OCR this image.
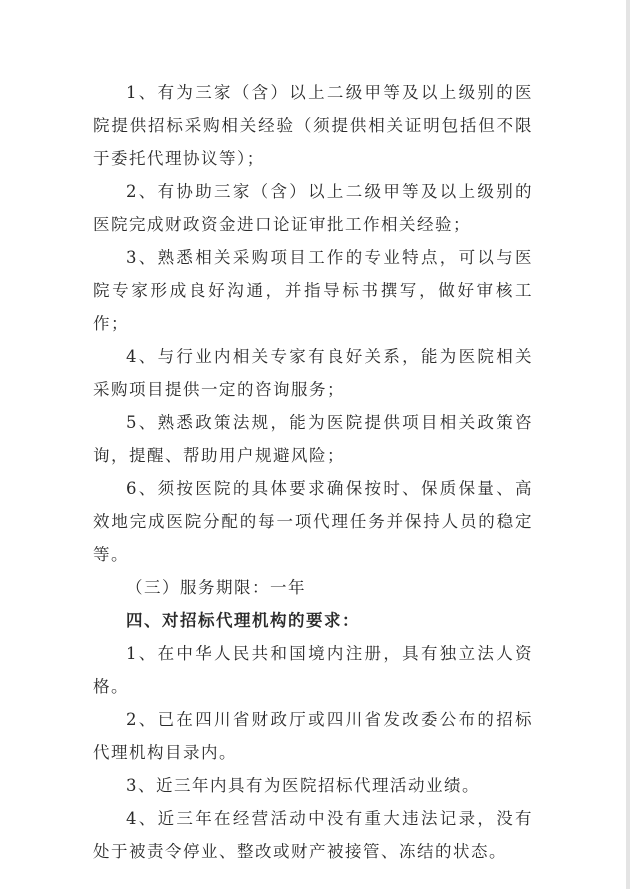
1、有为三家（含）以上二级甲等及以上级别的医院提供招标采购相关经验（须提供相关证明包括但不限于委托代理协议等）；

2、有协助三家（含）以上二级甲等及以上级别的医院完成财政资金进口论证审批工作相关经验；

3、熟悉相关采购项目工作的专业特点，可以与医院专家形成良好沟通，并指导标书撰写，做好审核工作；

4、与行业内相关专家有良好关系，能为医院相关采购项目提供一定的咨询服务；

5、熟悉政策法规，能为医院提供项目相关政策咨询，提醒、帮助用户规避风险；

6、须按医院的具体要求确保按时、保质保量、高效地完成医院分配的每一项代理任务并保持人员的稳定等。

（三）服务期限：一年

四、对招标代理机构的要求：

1、在中华人民共和国境内注册，具有独立法人资格。

2、已在四川省财政厅或四川省发改委公布的招标代理机构目录内。

3、近三年内具有为医院招标代理活动业绩。

4、近三年在经营活动中没有重大违法记录，没有处于被责令停业、整改或财产被接管、冻结的状态。
